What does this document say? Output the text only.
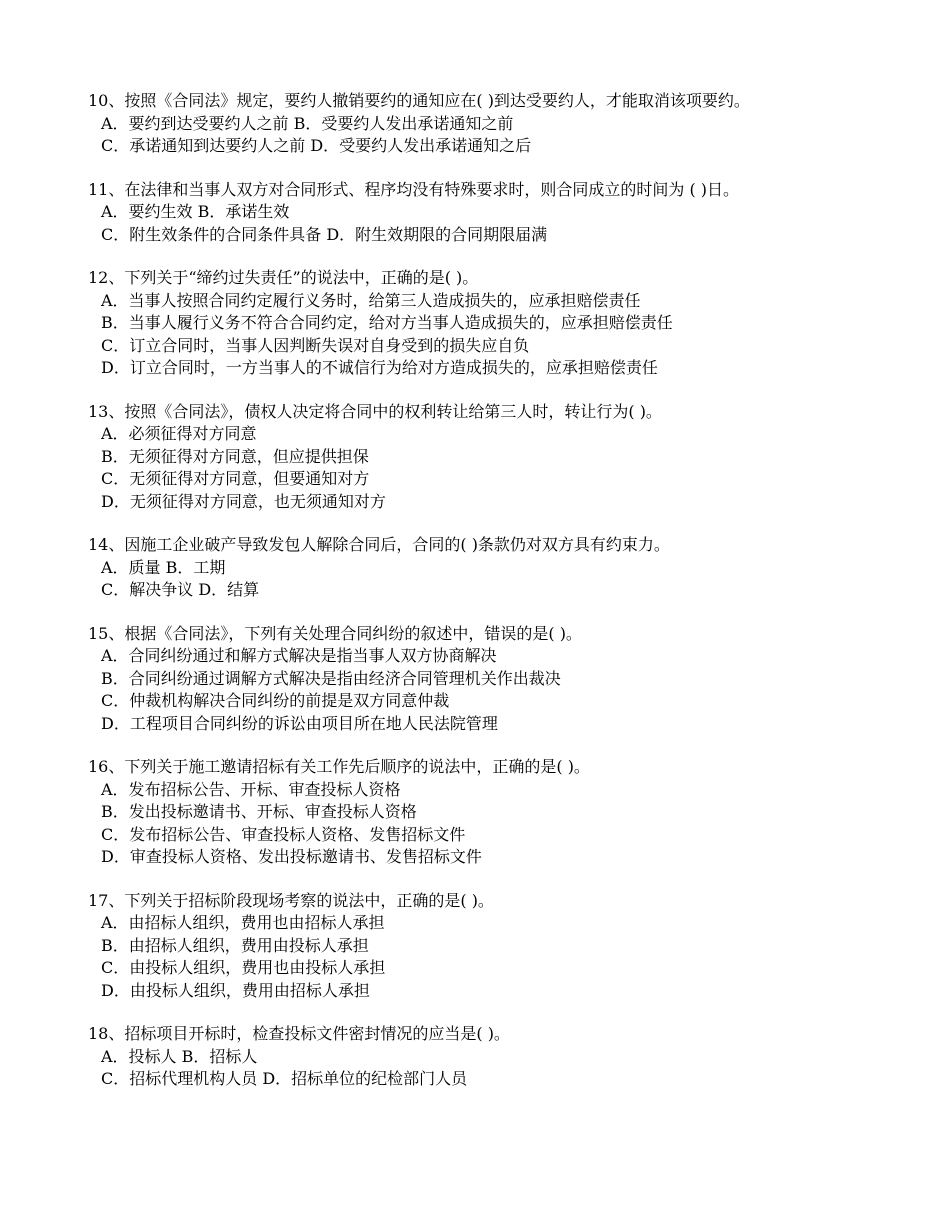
10、按照《合同法》规定，要约人撤销要约的通知应在( )到达受要约人，才能取消该项要约。
A．要约到达受要约人之前 B．受要约人发出承诺通知之前
C．承诺通知到达要约人之前 D．受要约人发出承诺通知之后
11、在法律和当事人双方对合同形式、程序均没有特殊要求时，则合同成立的时间为 ( )日。
A．要约生效 B．承诺生效
C．附生效条件的合同条件具备 D．附生效期限的合同期限届满
12、下列关于“缔约过失责任”的说法中，正确的是( )。
A．当事人按照合同约定履行义务时，给第三人造成损失的，应承担赔偿责任
B．当事人履行义务不符合合同约定，给对方当事人造成损失的，应承担赔偿责任
C．订立合同时，当事人因判断失误对自身受到的损失应自负
D．订立合同时，一方当事人的不诚信行为给对方造成损失的，应承担赔偿责任
13、按照《合同法》，债权人决定将合同中的权利转让给第三人时，转让行为( )。
A．必须征得对方同意
B．无须征得对方同意，但应提供担保
C．无须征得对方同意，但要通知对方
D．无须征得对方同意，也无须通知对方
14、因施工企业破产导致发包人解除合同后，合同的( )条款仍对双方具有约束力。
A．质量 B．工期
C．解决争议 D．结算
15、根据《合同法》，下列有关处理合同纠纷的叙述中，错误的是( )。
A．合同纠纷通过和解方式解决是指当事人双方协商解决
B．合同纠纷通过调解方式解决是指由经济合同管理机关作出裁决
C．仲裁机构解决合同纠纷的前提是双方同意仲裁
D．工程项目合同纠纷的诉讼由项目所在地人民法院管理
16、下列关于施工邀请招标有关工作先后顺序的说法中，正确的是( )。
A．发布招标公告、开标、审查投标人资格
B．发出投标邀请书、开标、审查投标人资格
C．发布招标公告、审查投标人资格、发售招标文件
D．审查投标人资格、发出投标邀请书、发售招标文件
17、下列关于招标阶段现场考察的说法中，正确的是( )。
A．由招标人组织，费用也由招标人承担
B．由招标人组织，费用由投标人承担
C．由投标人组织，费用也由投标人承担
D．由投标人组织，费用由招标人承担
18、招标项目开标时，检查投标文件密封情况的应当是( )。
A．投标人 B．招标人
C．招标代理机构人员 D．招标单位的纪检部门人员
